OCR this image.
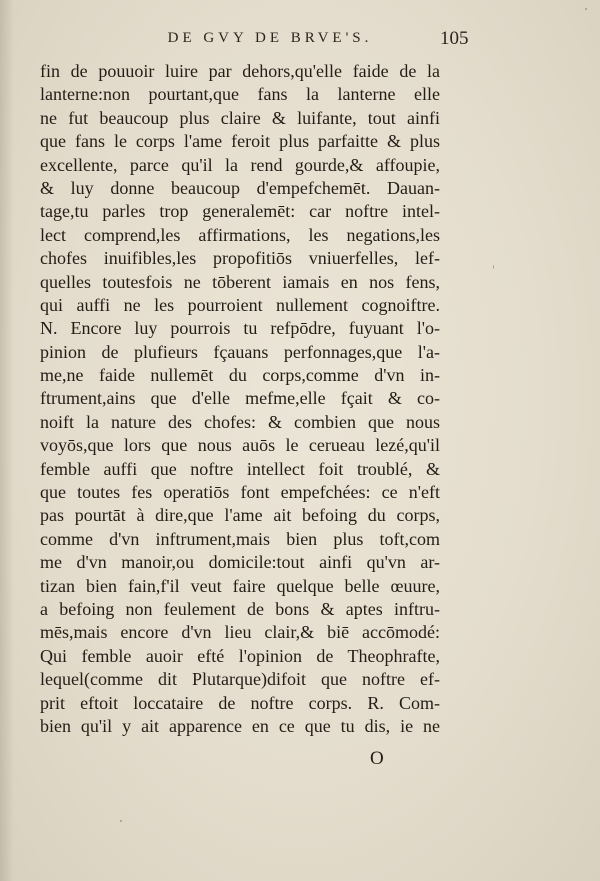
DE GVY DE BRVE'S.	105
fin de pouuoir luire par dehors,qu'elle faide de la
lanterne:non pourtant,que fans la lanterne elle
ne fut beaucoup plus claire & luifante, tout ainfi
que fans le corps l'ame feroit plus parfaitte & plus
excellente, parce qu'il la rend gourde,& affoupie,
& luy donne beaucoup d'empefchemēt. Dauan-
tage,tu parles trop generalemēt: car noftre intel-
lect comprend,les affirmations, les negations,les
chofes inuifibles,les propofitiōs vniuerfelles, lef-
quelles toutesfois ne tōberent iamais en nos fens,
qui auffi ne les pourroient nullement cognoiftre.
N. Encore luy pourrois tu refpōdre, fuyuant l'o-
pinion de plufieurs fçauans perfonnages,que l'a-
me,ne faide nullemēt du corps,comme d'vn in-
ftrument,ains que d'elle mefme,elle fçait & co-
noift la nature des chofes: & combien que nous
voyōs,que lors que nous auōs le cerueau lezé,qu'il
femble auffi que noftre intellect foit troublé, &
que toutes fes operatiōs font empefchées: ce n'eft
pas pourtāt à dire,que l'ame ait befoing du corps,
comme d'vn inftrument,mais bien plus toft,com
me d'vn manoir,ou domicile:tout ainfi qu'vn ar-
tizan bien fain,f'il veut faire quelque belle œuure,
a befoing non feulement de bons & aptes inftru-
mēs,mais encore d'vn lieu clair,& biē accōmodé:
Qui femble auoir efté l'opinion de Theophrafte,
lequel(comme dit Plutarque)difoit que noftre ef-
prit eftoit loccataire de noftre corps. R. Com-
bien qu'il y ait apparence en ce que tu dis, ie ne
O
